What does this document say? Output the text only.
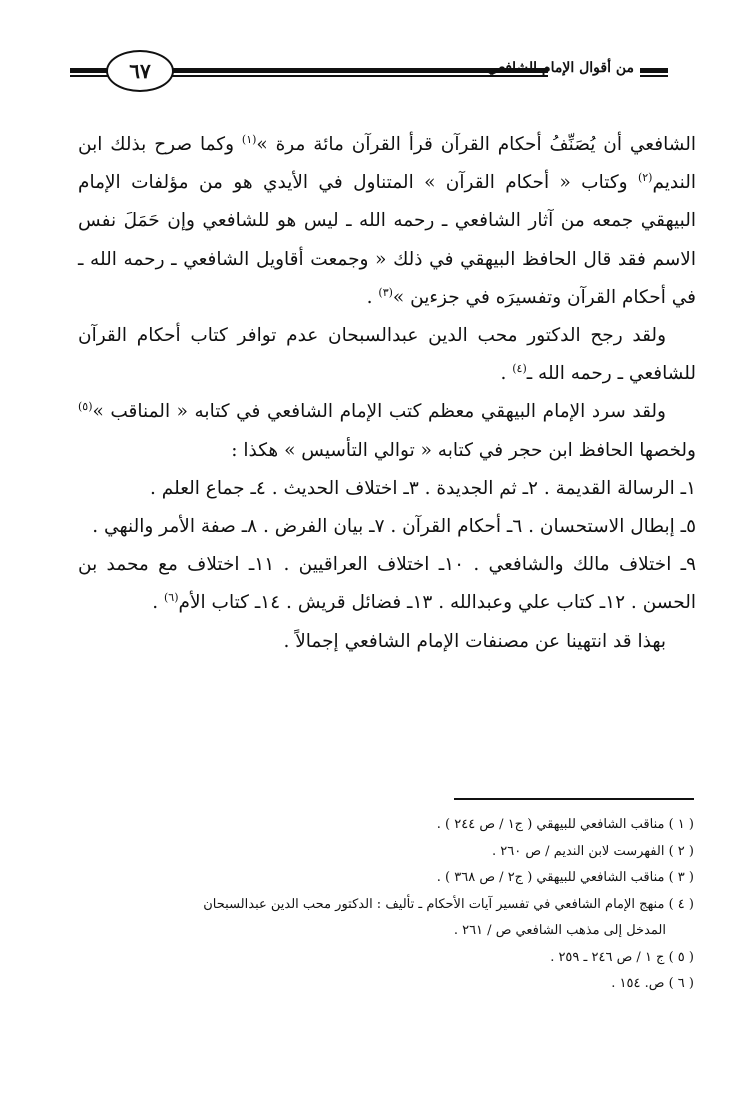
من أقوال الإمام الشافعي
٦٧

الشافعي أن يُصَنِّفُ أحكام القرآن قرأ القرآن مائة مرة »$^{(١)}$ وكما صرح بذلك ابن النديم$^{(٢)}$ وكتاب « أحكام القرآن » المتناول في الأيدي هو من مؤلفات الإمام البيهقي جمعه من آثار الشافعي ـ رحمه الله ـ ليس هو للشافعي وإن حَمَلَ نفس الاسم فقد قال الحافظ البيهقي في ذلك « وجمعت أقاويل الشافعي ـ رحمه الله ـ في أحكام القرآن وتفسيرَه في جزءين »$^{(٣)}$ .

ولقد رجح الدكتور محب الدين عبدالسبحان عدم توافر كتاب أحكام القرآن للشافعي ـ رحمه الله ـ$^{(٤)}$ .

ولقد سرد الإمام البيهقي معظم كتب الإمام الشافعي في كتابه « المناقب »$^{(٥)}$ ولخصها الحافظ ابن حجر في كتابه « توالي التأسيس » هكذا :

١ـ الرسالة القديمة . ٢ـ ثم الجديدة . ٣ـ اختلاف الحديث . ٤ـ جماع العلم .

٥ـ إبطال الاستحسان . ٦ـ أحكام القرآن . ٧ـ بيان الفرض . ٨ـ صفة الأمر والنهي .

٩ـ اختلاف مالك والشافعي . ١٠ـ اختلاف العراقيين . ١١ـ اختلاف مع محمد بن الحسن . ١٢ـ كتاب علي وعبدالله . ١٣ـ فضائل قريش . ١٤ـ كتاب الأم$^{(٦)}$ .

بهذا قد انتهينا عن مصنفات الإمام الشافعي إجمالاً .

( ١ ) مناقب الشافعي للبيهقي ( ج١ / ص ٢٤٤ ) .
( ٢ ) الفهرست لابن النديم / ص ٢٦٠ .
( ٣ ) مناقب الشافعي للبيهقي ( ج٢ / ص ٣٦٨ ) .
( ٤ ) منهج الإمام الشافعي في تفسير آيات الأحكام ـ تأليف : الدكتور محب الدين عبدالسبحان
المدخل إلى مذهب الشافعي ص / ٢٦١ .
( ٥ ) ج ١ / ص ٢٤٦ ـ ٢٥٩ .
( ٦ ) ص. ١٥٤ .
